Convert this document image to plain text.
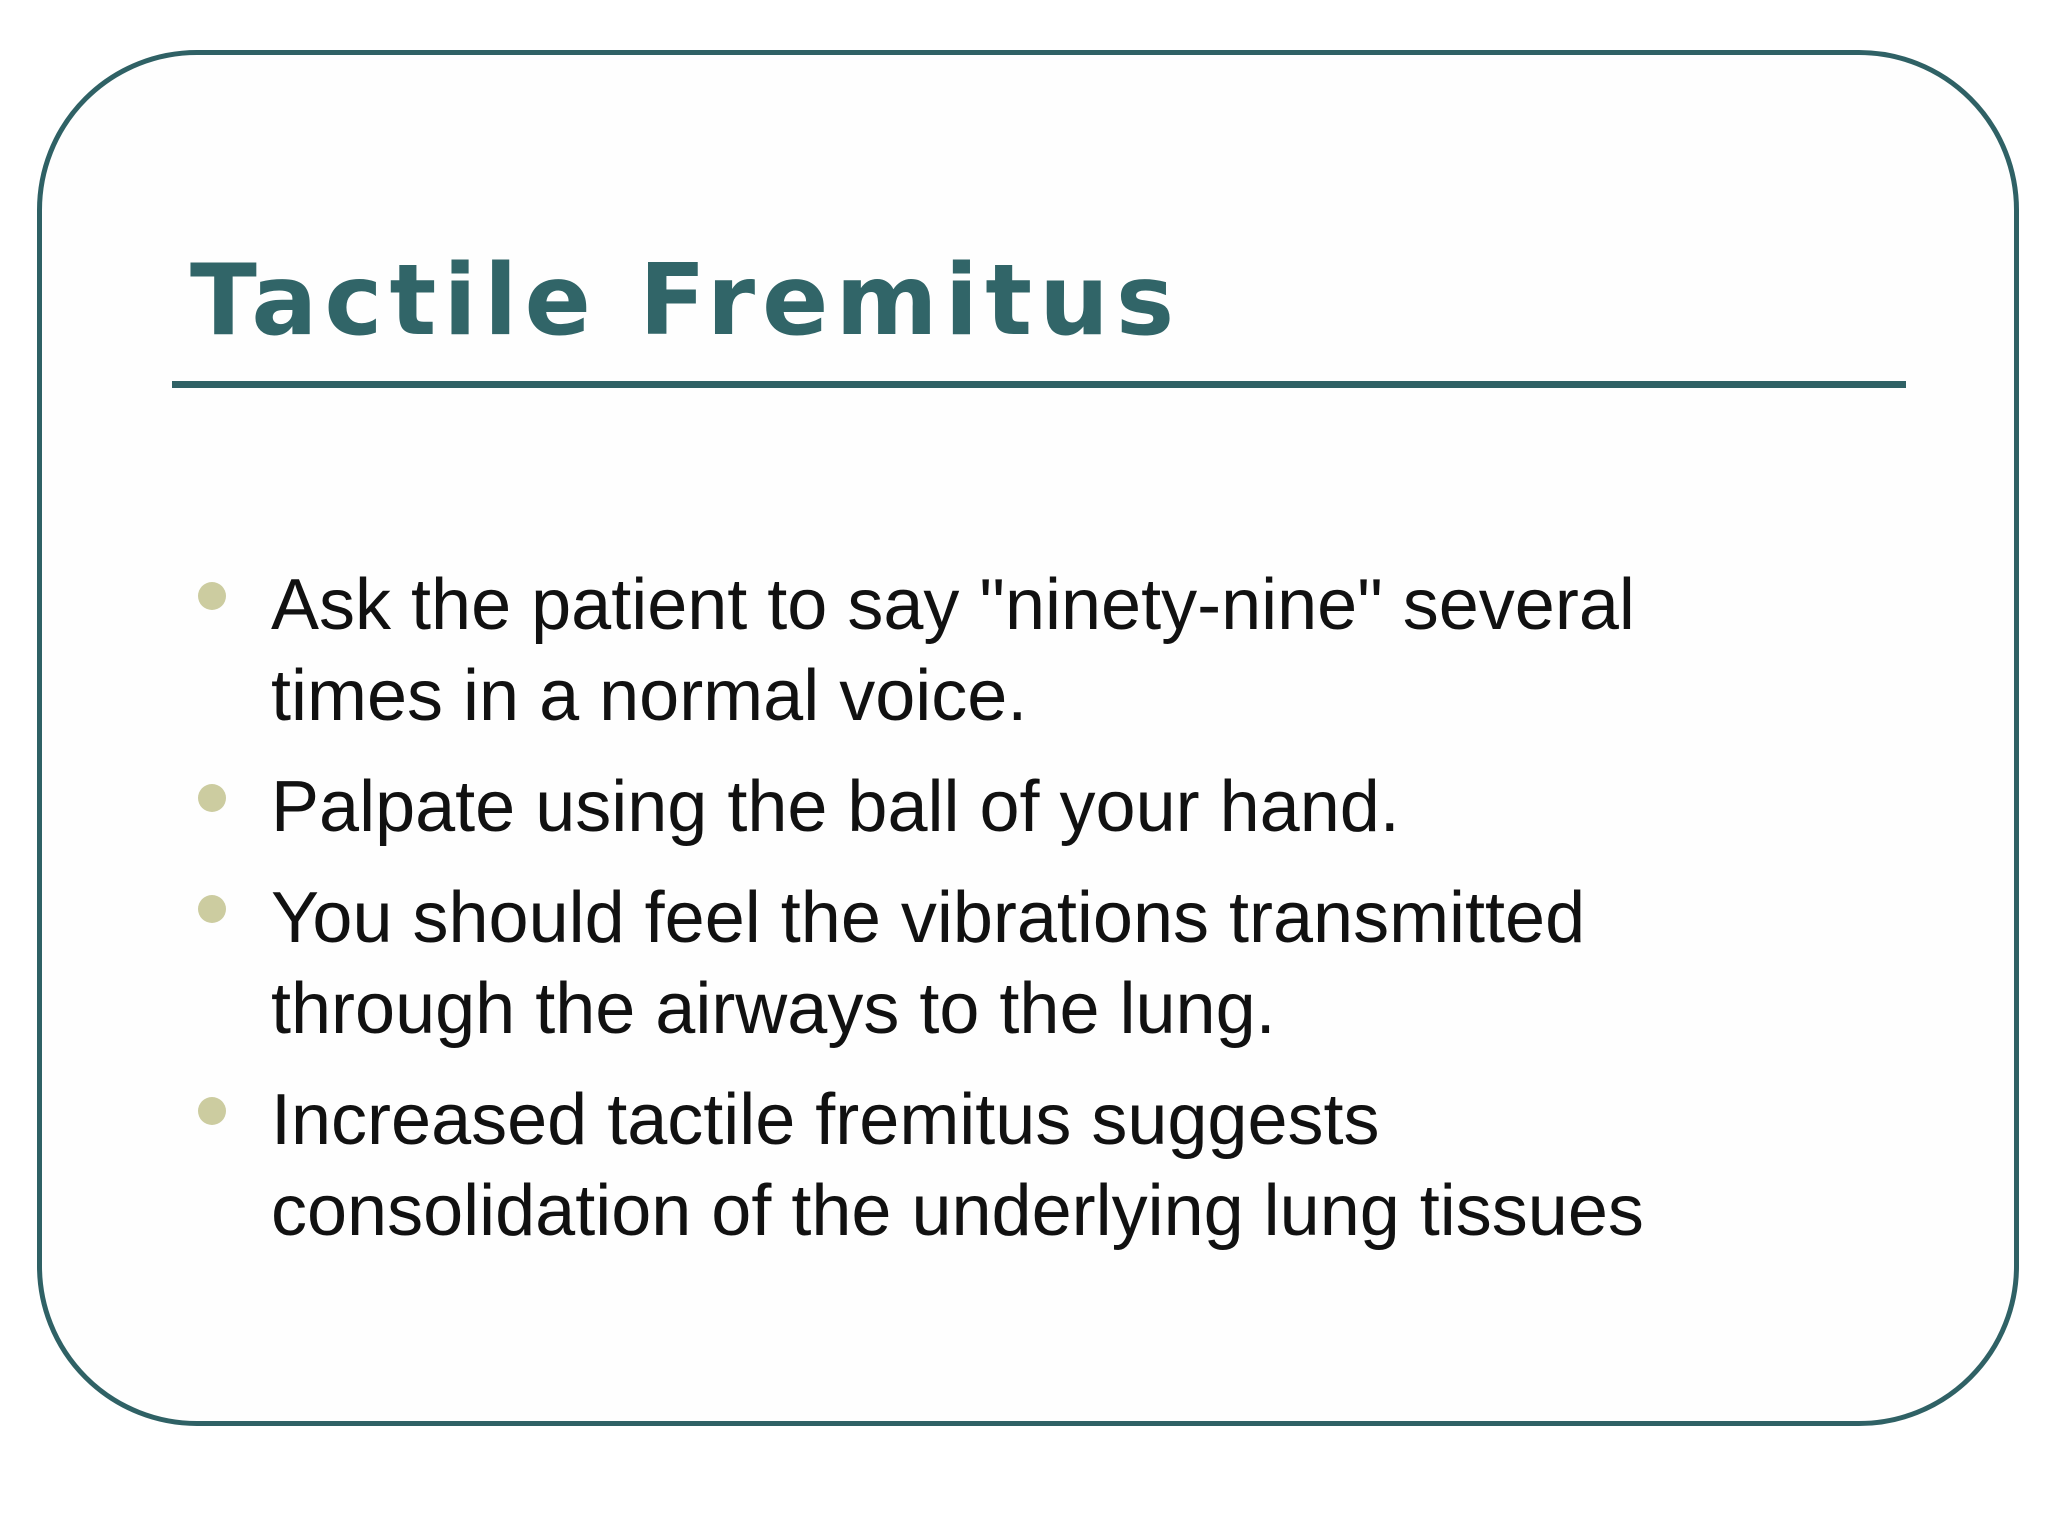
Tactile Fremitus
Ask the patient to say "ninety-nine" several times in a normal voice.
Palpate using the ball of your hand.
You should feel the vibrations transmitted through the airways to the lung.
Increased tactile fremitus suggests consolidation of the underlying lung tissues
